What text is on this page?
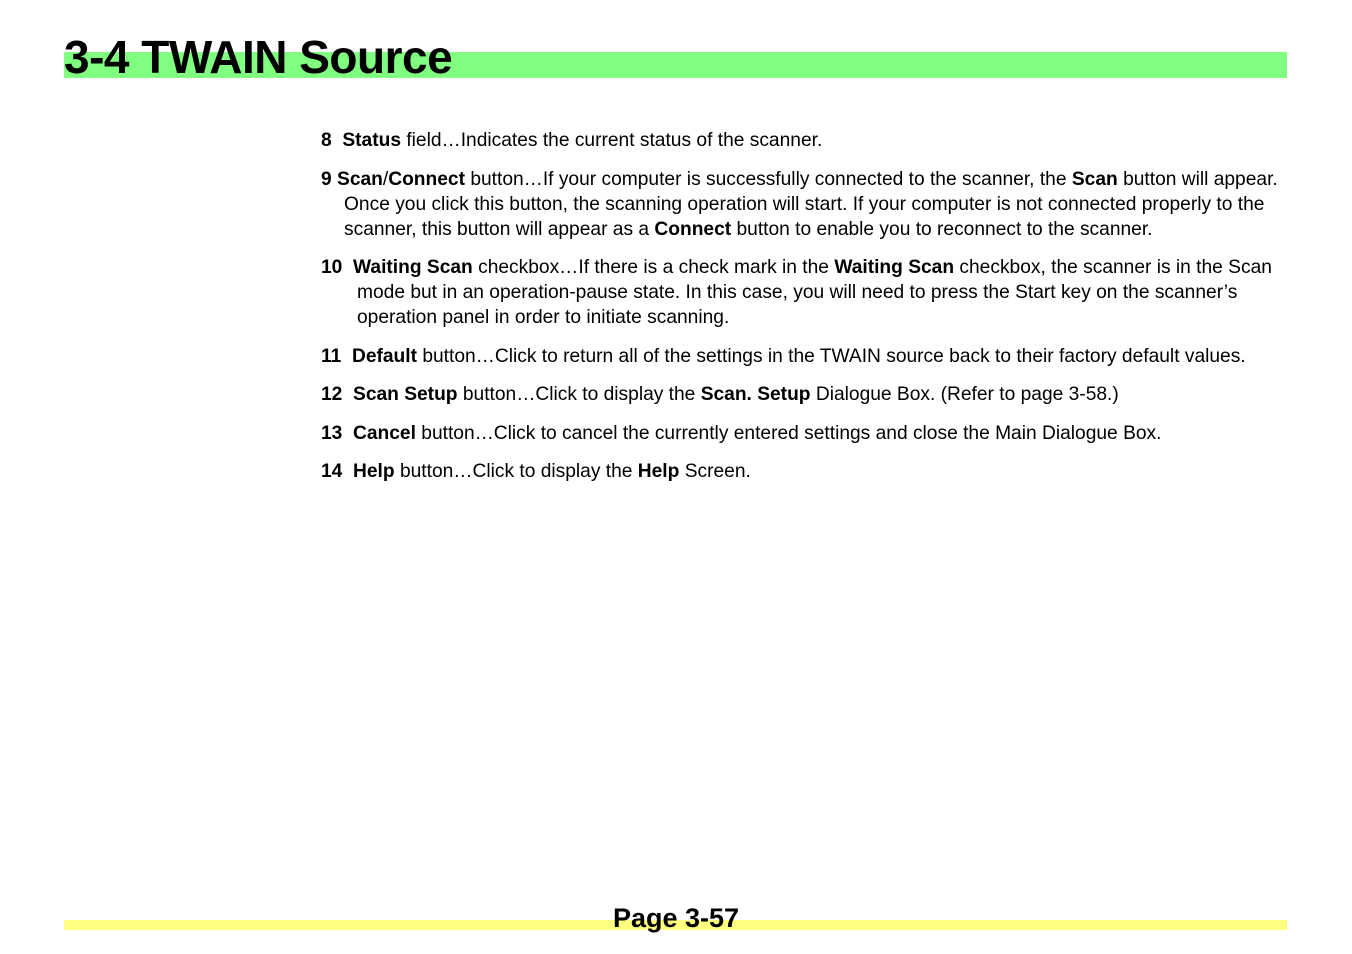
3-4 TWAIN Source

8 Status field…Indicates the current status of the scanner.

9 Scan/Connect button…If your computer is successfully connected to the scanner, the Scan button will appear. Once you click this button, the scanning operation will start. If your computer is not connected properly to the scanner, this button will appear as a Connect button to enable you to reconnect to the scanner.

10 Waiting Scan checkbox…If there is a check mark in the Waiting Scan checkbox, the scanner is in the Scan mode but in an operation-pause state. In this case, you will need to press the Start key on the scanner’s operation panel in order to initiate scanning.

11 Default button…Click to return all of the settings in the TWAIN source back to their factory default values.

12 Scan Setup button…Click to display the Scan. Setup Dialogue Box. (Refer to page 3-58.)

13 Cancel button…Click to cancel the currently entered settings and close the Main Dialogue Box.

14 Help button…Click to display the Help Screen.

Page 3-57
